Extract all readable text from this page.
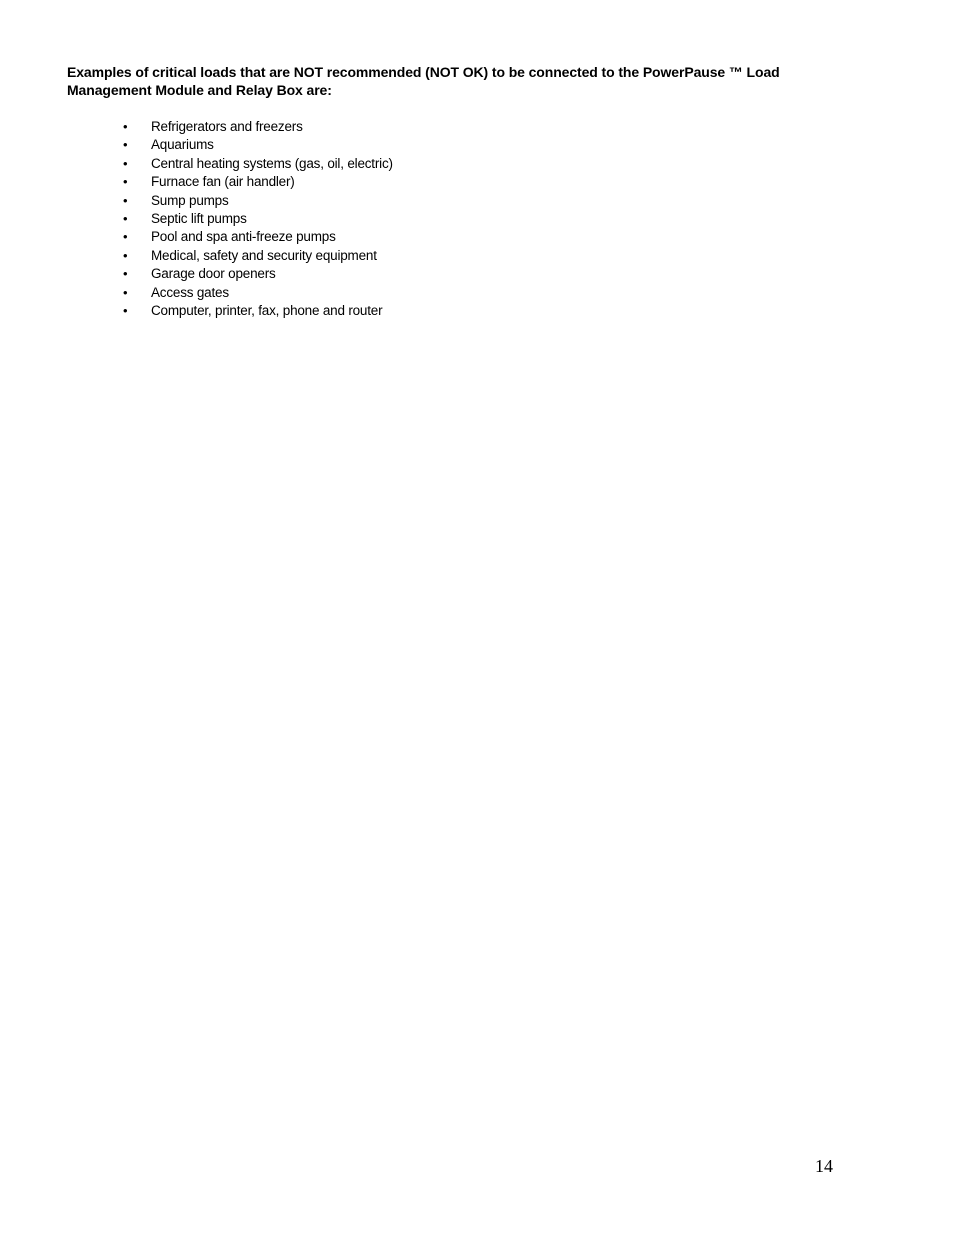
Examples of critical loads that are NOT recommended (NOT OK) to be connected to the PowerPause ™ Load Management Module and Relay Box are:

•	Refrigerators and freezers
•	Aquariums
•	Central heating systems (gas, oil, electric)
•	Furnace fan (air handler)
•	Sump pumps
•	Septic lift pumps
•	Pool and spa anti-freeze pumps
•	Medical, safety and security equipment
•	Garage door openers
•	Access gates
•	Computer, printer, fax, phone and router
14
